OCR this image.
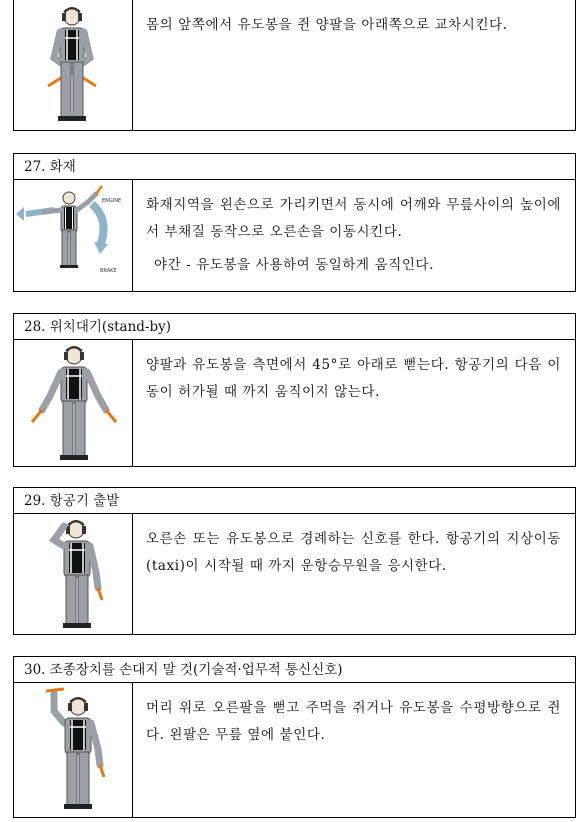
몸의 앞쪽에서 유도봉을 쥔 양팔을 아래쪽으로 교차시킨다.

27. 화재
ENGINE
BRAKE

화재지역을 왼손으로 가리키면서 동시에 어깨와 무릎사이의 높이에서 부채질 동작으로 오른손을 이동시킨다.

야간 - 유도봉을 사용하여 동일하게 움직인다.

28. 위치대기(stand-by)

양팔과 유도봉을 측면에서 45°로 아래로 뻗는다. 항공기의 다음 이동이 허가될 때 까지 움직이지 않는다.

29. 항공기 출발

오른손 또는 유도봉으로 경례하는 신호를 한다. 항공기의 지상이동(taxi)이 시작될 때 까지 운항승무원을 응시한다.

30. 조종장치를 손대지 말 것(기술적·업무적 통신신호)

머리 위로 오른팔을 뻗고 주먹을 쥐거나 유도봉을 수평방향으로 쥔다. 왼팔은 무릎 옆에 붙인다.
